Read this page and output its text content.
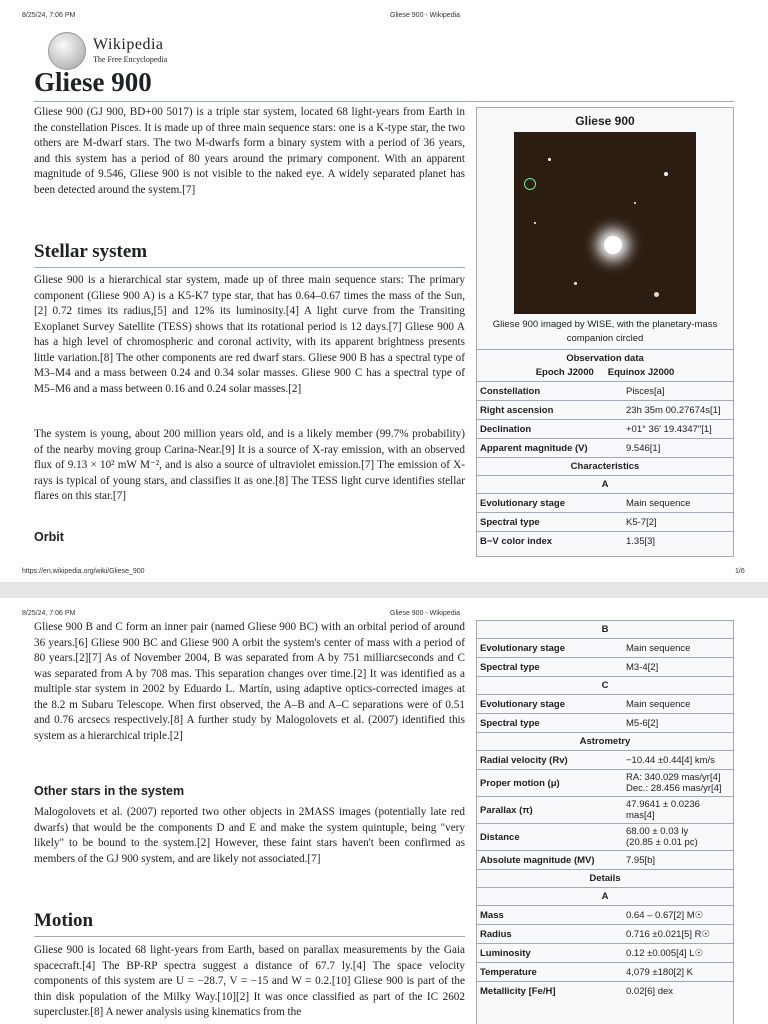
8/25/24, 7:06 PM	Gliese 900 - Wikipedia
Wikipedia
The Free Encyclopedia
Gliese 900

Gliese 900 (GJ 900, BD+00 5017) is a triple star system, located 68 light-years from Earth in the constellation Pisces. It is made up of three main sequence stars: one is a K-type star, the two others are M-dwarf stars. The two M-dwarfs form a binary system with a period of 36 years, and this system has a period of 80 years around the primary component. With an apparent magnitude of 9.546, Gliese 900 is not visible to the naked eye. A widely separated planet has been detected around the system.[7]

Stellar system

Gliese 900 is a hierarchical star system, made up of three main sequence stars: The primary component (Gliese 900 A) is a K5-K7 type star, that has 0.64–0.67 times the mass of the Sun,[2] 0.72 times its radius,[5] and 12% its luminosity.[4] A light curve from the Transiting Exoplanet Survey Satellite (TESS) shows that its rotational period is 12 days.[7] Gliese 900 A has a high level of chromospheric and coronal activity, with its apparent brightness presents little variation.[8] The other components are red dwarf stars. Gliese 900 B has a spectral type of M3–M4 and a mass between 0.24 and 0.34 solar masses. Gliese 900 C has a spectral type of M5–M6 and a mass between 0.16 and 0.24 solar masses.[2]

The system is young, about 200 million years old, and is a likely member (99.7% probability) of the nearby moving group Carina-Near.[9] It is a source of X-ray emission, with an observed flux of 9.13 × 10² mW M⁻², and is also a source of ultraviolet emission.[7] The emission of X-rays is typical of young stars, and classifies it as one.[8] The TESS light curve identifies stellar flares on this star.[7]

Orbit
Gliese 900
Gliese 900 imaged by WISE, with the planetary-mass companion circled
Observation data
Epoch J2000 Equinox J2000
Constellation	Pisces[a]
Right ascension	23h 35m 00.27674s[1]
Declination	+01° 36′ 19.4347″[1]
Apparent magnitude (V)	9.546[1]
Characteristics
A
Evolutionary stage	Main sequence
Spectral type	K5-7[2]
B−V color index	1.35[3]
https://en.wikipedia.org/wiki/Gliese_900	1/6
8/25/24, 7:06 PM	Gliese 900 - Wikipedia

Gliese 900 B and C form an inner pair (named Gliese 900 BC) with an orbital period of around 36 years.[6] Gliese 900 BC and Gliese 900 A orbit the system's center of mass with a period of 80 years.[2][7] As of November 2004, B was separated from A by 751 milliarcseconds and C was separated from A by 708 mas. This separation changes over time.[2] It was identified as a multiple star system in 2002 by Eduardo L. Martín, using adaptive optics-corrected images at the 8.2 m Subaru Telescope. When first observed, the A–B and A–C separations were of 0.51 and 0.76 arcsecs respectively.[8] A further study by Malogolovets et al. (2007) identified this system as a hierarchical triple.[2]

Other stars in the system

Malogolovets et al. (2007) reported two other objects in 2MASS images (potentially late red dwarfs) that would be the components D and E and make the system quintuple, being "very likely" to be bound to the system.[2] However, these faint stars haven't been confirmed as members of the GJ 900 system, and are likely not associated.[7]

Motion

Gliese 900 is located 68 light-years from Earth, based on parallax measurements by the Gaia spacecraft.[4] The BP-RP spectra suggest a distance of 67.7 ly.[4] The space velocity components of this system are U = −28.7, V = −15 and W = 0.2.[10] Gliese 900 is part of the thin disk population of the Milky Way.[10][2] It was once classified as part of the IC 2602 supercluster.[8] A newer analysis using kinematics from the

B
Evolutionary stage	Main sequence
Spectral type	M3-4[2]
C
Evolutionary stage	Main sequence
Spectral type	M5-6[2]
Astrometry
Radial velocity (Rv)	−10.44 ±0.44[4] km/s
Proper motion (μ)	RA: 340.029 mas/yr[4]
Dec.: 28.456 mas/yr[4]
Parallax (π)	47.9641 ± 0.0236 mas[4]
Distance	68.00 ± 0.03 ly
(20.85 ± 0.01 pc)
Absolute magnitude (MV)	7.95[b]
Details
A
Mass	0.64 – 0.67[2] M☉
Radius	0.716 ±0.021[5] R☉
Luminosity	0.12 ±0.005[4] L☉
Temperature	4,079 ±180[2] K
Metallicity [Fe/H]	0.02[6] dex
